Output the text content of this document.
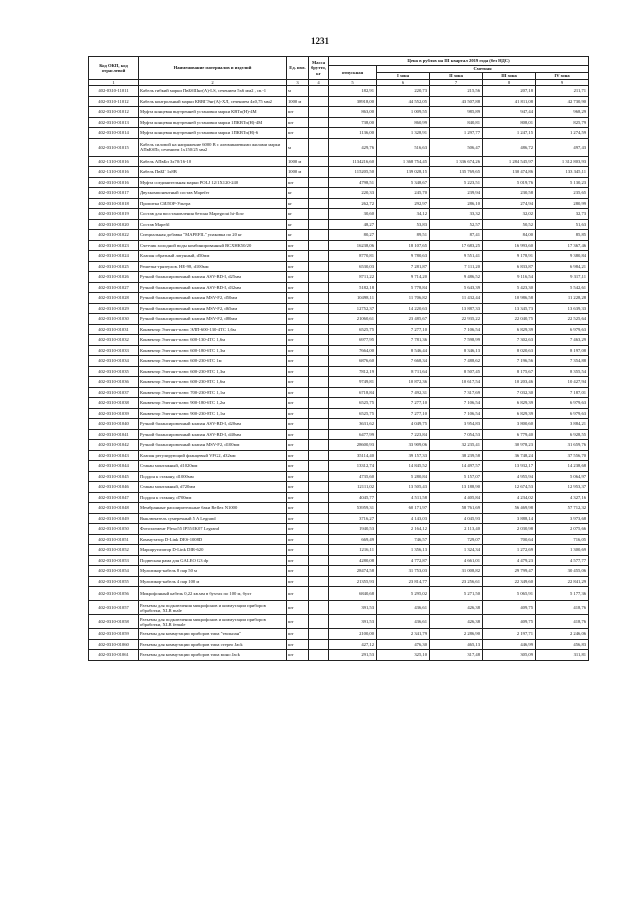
1231
Код ОКП, код отраслевой	Наименование материалов и изделий	Ед. изм.	Масса брутто, кг	Цена в рублях на III квартал 2019 года (без НДС)				
				отпускная	Сметная			
					I зона	II зона	III зона	IV зона
1	2	3	4	5	6	7	8	9
402-0310-11011	Кабель гибкий марки ПвБбШнг(А)-LS, сечением 5x6 мм2 , св.-1	м		182,91	220,73	215,56	207,18	211,71
402-0310-11012	Кабель контрольный марки КВВГЭнг(А)-ХЛ, сечением 4x0,75 мм2	1000 м		38918,00	44 552,05	43 507,88	41 811,08	42 730,90
402-0310-01012	Муфта концевая внутренней установки марки КВТп(Н)-4М	шт		863,00	1 009,55	985,89	947,44	968,29
402-0310-01013	Муфта концевая внутренней установки марки 1ПКВТп(Н)-4М	шт		738,00	860,99	840,81	808,01	825,79
402-0310-01014	Муфта концевая внутренней установки марки 1ПКВТп(Н)-6	шт		1136,00	1 328,91	1 297,77	1 247,15	1 274,59
402-0310-01015	Кабель силовой на напряжение 6000 В с алюминиевыми жилами марки АПвКбПг, сечением 1x150/25 мм2	м		429,76	516,63	506,47	486,72	497,43
402-1310-01016	Кабель АПвБп 3x70/16-10	1000 м		1134216,60	1 368 754,45	1 336 674,26	1 284 545,97	1 312 803,93
402-1310-01016	Кабель ПвБГ 1x8В	1000 м		115205,50	139 028,15	135 769,65	130 474,86	133 345,11
402-0310-01016	Муфта соединительная марки POLJ 12/1X120-240	шт		4798,51	5 348,67	5 223,51	5 019,76	5 130,23
402-0310-01017	Двухкомпонентный состав Mapefer	кг		220,33	245,70	239,94	230,58	235,65
402-0310-01018	Пропитка СИЛОР-Ультра	кг		262,72	292,97	286,10	274,94	280,99
402-0310-01019	Состав для восстановления бетона Mapegrout hi-flow	кг		30,60	34,12	33,32	32,02	32,73
402-0310-01020	Состав Mapefil	кг		48,27	53,83	52,57	50,52	51,63
402-0310-01022	Специальная добавка "MAPEFIL" упаковка по 20 кг	кг		80,27	89,51	87,41	84,00	85,85
402-0310-01023	Счетчик холодной воды комбинированный ВСХНК50/20	шт		16238,06	18 107,65	17 683,25	16 993,60	17 367,46
402-0310-01024	Клапан обратный латунный, d50мм	шт		8770,81	9 780,63	9 551,41	9 178,91	9 380,84
402-0310-01025	Решетка-грязеулов. НЕ-98, d100мм	шт		6530,03	7 281,87	7 111,20	6 833,87	6 984,21
402-0310-01026	Ручной балансировочный клапан ASV-BD-I, d25мм	шт		8711,22	9 714,20	9 486,52	9 116,54	9 317,11
402-0310-01027	Ручной балансировочный клапан ASV-BD-I, d32мм	шт		5182,18	5 778,84	5 643,39	5 423,30	5 542,61
402-0310-01028	Ручной балансировочный клапан MSV-F2, d50мм	шт		10498,11	11 706,82	11 432,44	10 986,58	11 228,28
402-0310-01029	Ручной балансировочный клапан MSV-F2, d65мм	шт		12752,37	14 220,63	13 887,33	13 345,73	13 639,33
402-0310-01030	Ручной балансировочный клапан MSV-F2, d80мм	шт		21060,61	23 485,67	22 935,22	22 040,75	22 525,64
402-0310-01031	Конвектор Элегант-плюс ЭЛП-600-130-4ТС 1,6м	шт		6525,75	7 277,10	7 106,54	6 829,39	6 979,63
402-0310-01032	Конвектор Элегант-плюс 600-130-4ТС 1,6м	шт		6977,95	7 781,36	7 598,99	7 302,63	7 463,29
402-0310-01033	Конвектор Элегант-плюс 600-180-6ТС 1,3м	шт		7664,00	8 546,44	8 346,13	8 020,63	8 197,08
402-0310-01034	Конвектор Элегант-плюс 600-230-6ТС 1м	шт		6876,60	7 668,34	7 488,62	7 196,56	7 354,88
402-0310-01035	Конвектор Элегант-плюс 600-230-8ТС 1,3м	шт		7812,19	8 711,64	8 507,45	8 175,67	8 355,54
402-0310-01036	Конвектор Элегант-плюс 600-230-8ТС 1,6м	шт		9749,81	10 872,36	10 617,54	10 203,46	10 427,94
402-0310-01037	Конвектор Элегант-плюс 700-230-8ТС 1,1м	шт		6718,84	7 492,31	7 317,69	7 032,30	7 187,01
402-0310-01038	Конвектор Элегант-плюс 900-180-6ТС 1,2м	шт		6525,75	7 277,10	7 106,54	6 829,39	6 979,63
402-0310-01039	Конвектор Элегант-плюс 900-230-8ТС 1,1м	шт		6525,75	7 277,10	7 106,54	6 829,39	6 979,63
402-0310-01040	Ручной балансировочный клапан ASV-BD-I, d20мм	шт		3631,62	4 049,75	3 954,83	3 800,60	3 884,21
402-0310-01041	Ручной балансировочный клапан ASV-BD-I, d40мм	шт		6477,99	7 223,84	7 054,53	6 779,40	6 928,55
402-0310-01042	Ручной балансировочный клапан MSV-F2, d100мм	шт		28600,93	33 909,06	32 235,41	30 978,23	31 659,76
402-0310-01043	Клапан регулирующий фланцевый VFG2, d32мм	шт		35114,40	39 157,33	38 239,58	36 748,24	37 556,70
402-0310-01044	Стакан монтажный, d1020мм	шт		13312,74	14 845,52	14 497,57	13 932,17	14 238,68
402-0310-01045	Поддон к стакану, d1000мм	шт		4735,60	5 280,84	5 157,07	4 955,94	5 064,97
402-0310-01046	Стакан монтажный, d720мм	шт		12111,02	13 505,43	13 188,90	12 674,53	12 953,37
402-0310-01047	Поддон к стакану, d700мм	шт		4045,77	4 511,58	4 405,84	4 234,02	4 327,16
402-0310-01048	Мембранные расширительные баки Reflex N1000	шт		53959,31	60 171,97	58 761,69	56 469,98	57 712,32
402-0310-01049	Выключатель сумеречный 5 A Legrand	шт		3716,27	4 143,03	4 045,93	3 888,14	3 973,68
402-0310-01050	Фотоэлемент Plexo55 IP55/IK07 Legrand	шт		1940,53	2 164,12	2 113,40	2 030,98	2 075,66
402-0310-01051	Коммутатор D-Link DES-1008D	шт		669,49	746,57	729,07	700,64	716,05
402-0310-01052	Маршрутизатор D-Link DIR-620	шт		1216,11	1 356,13	1 324,34	1 272,69	1 300,69
402-0310-01053	Подвесная рама для GALEO G3 dp	шт		4280,08	4 772,87	4 661,01	4 479,23	4 577,77
402-0310-01054	Мультикор-кабель 8 пар 50 м	шт		28474,58	31 753,03	31 008,82	29 799,47	30 455,06
402-0310-01055	Мультикор-кабель 4 пар 100 м	шт		21355,93	23 814,77	23 256,61	22 349,60	22 841,29
402-0310-01056	Микрофонный кабель 0,22 кв.мм в бухтах по 100 м, бухт	шт		6840,68	5 295,02	5 271,50	5 065,91	5 177,36
402-0310-01057	Разъемы для подключения микрофонов и коммутации приборов обработки, XLR male	шт		391,53	436,61	426,38	409,75	418,76
402-0310-01058	Разъемы для подключения микрофонов и коммутации приборов обработки, XLR female	шт		391,53	436,61	426,38	409,75	418,76
402-0310-01059	Разъемы для коммутации приборов типа "тюльпан"	шт		2100,00	2 341,79	2 286,90	2 197,71	2 246,06
402-0310-01060	Разъемы для коммутации приборов типа стерео Jack	шт		427,12	476,30	465,13	446,99	456,83
402-0310-01061	Разъемы для коммутации приборов типа моно Jack	шт		291,53	325,10	317,48	305,09	311,81
